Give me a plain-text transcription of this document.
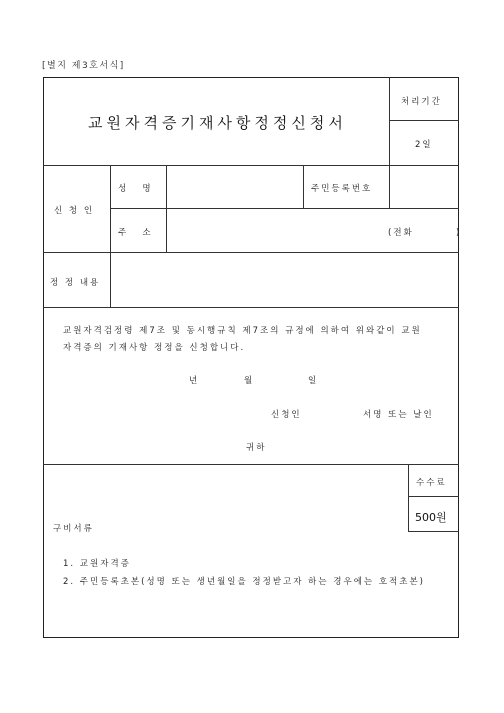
[별지 제3호서식]
교원자격증기재사항정정신청서
처리기간
2일
신 청 인
성   명	주민등록번호
주   소	(전화         )
정 정 내용
교원자격검정령 제7조 및 동시행규칙 제7조의 규정에 의하여 위와같이 교원
자격증의 기재사항 정정을 신청합니다.
년	월	일
신청인	서명 또는 날인
귀하
구비서류
1. 교원자격증
2. 주민등록초본(성명 또는 생년월일을 정정받고자 하는 경우에는 호적초본)
수수료
500원
